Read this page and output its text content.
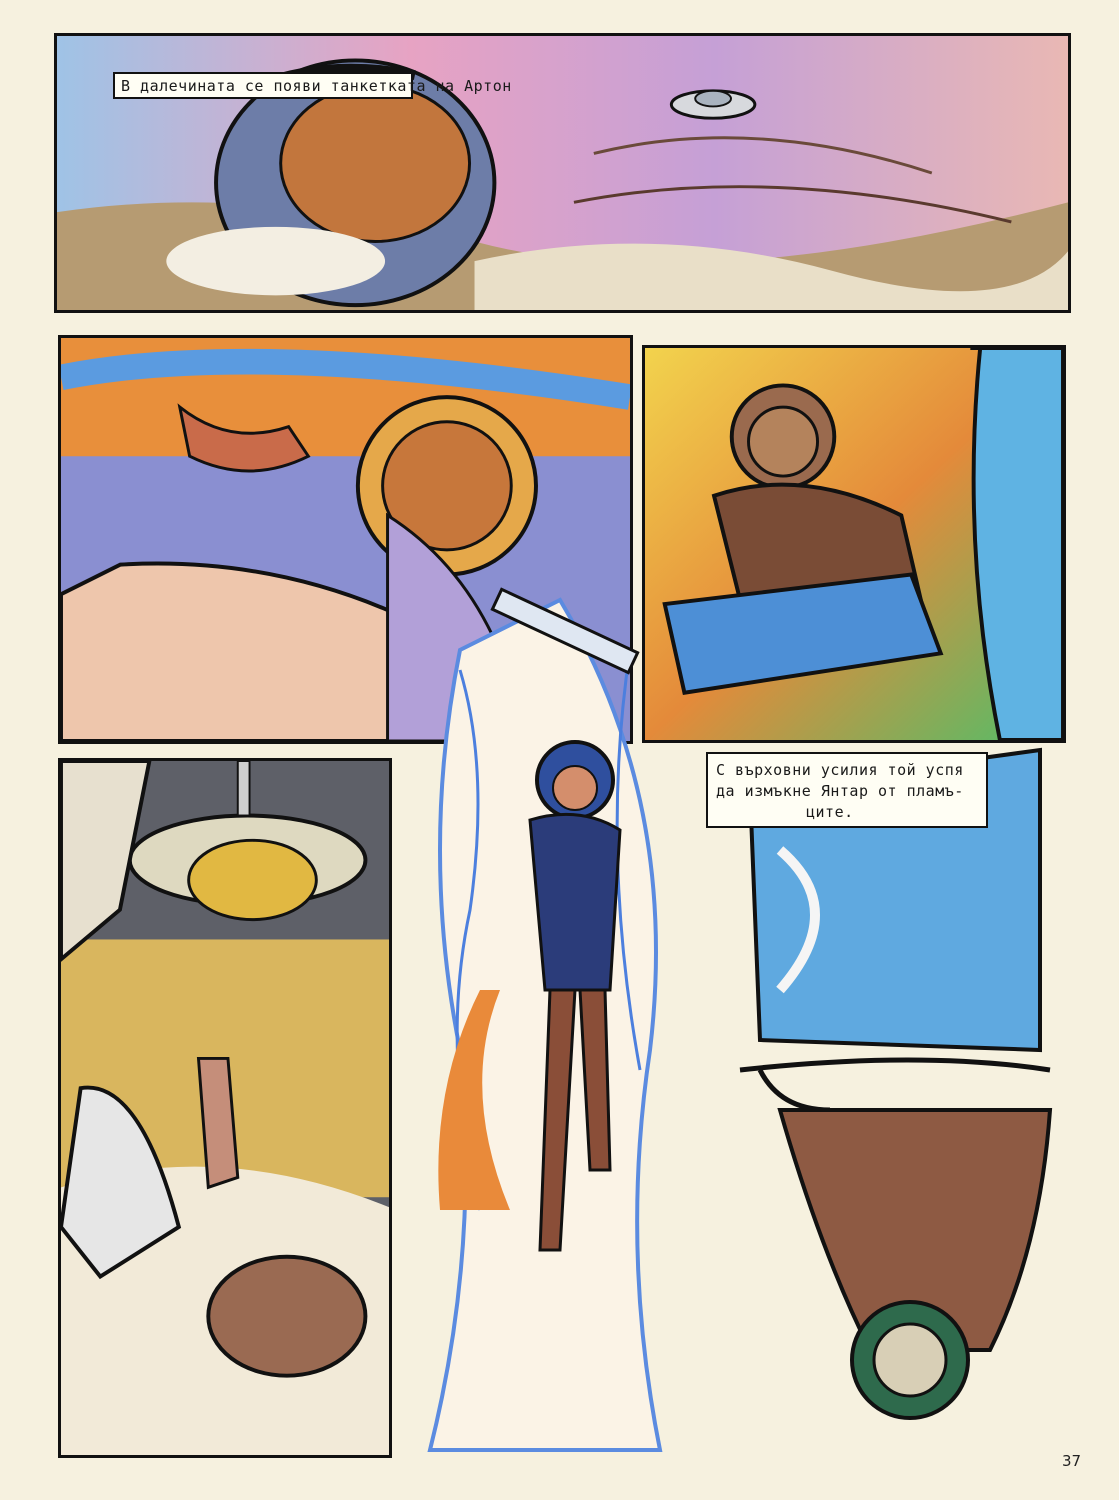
В далечината се появи танкетката на Артон
С върховни усилия той успя
да измъкне Янтар от пламъ-
ците.
37
